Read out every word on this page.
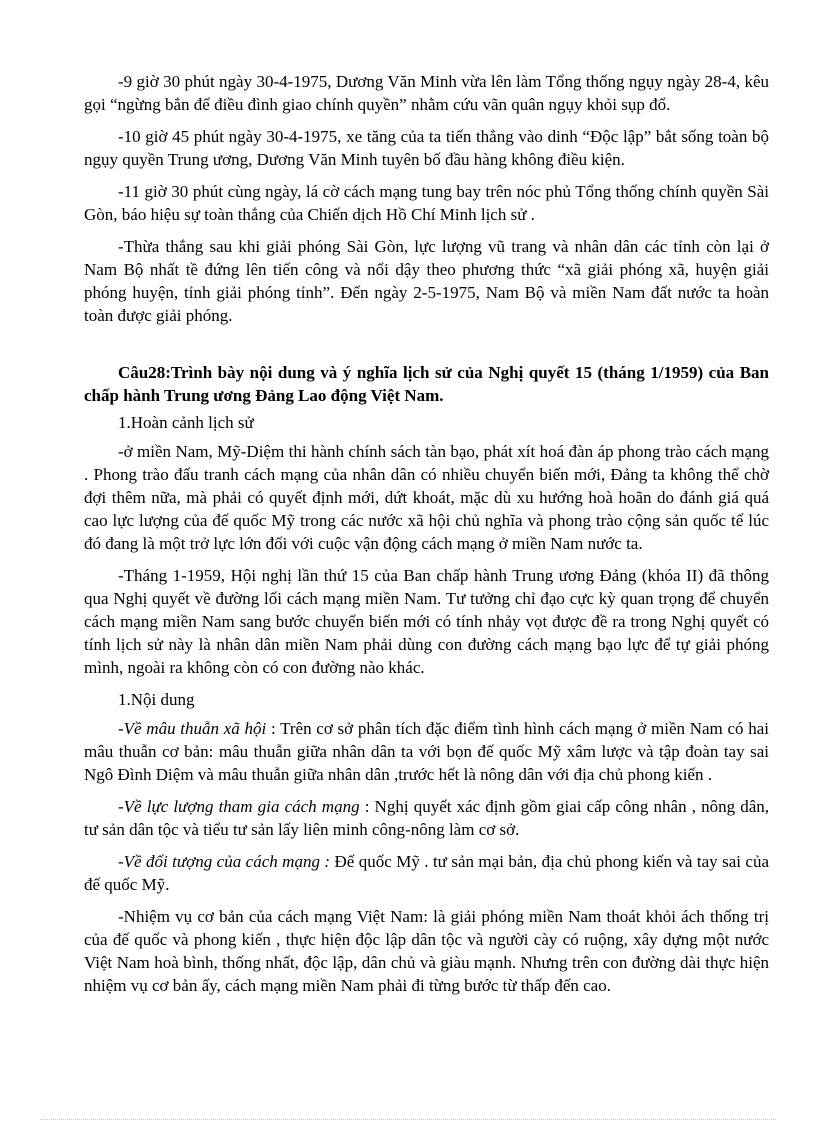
-9 giờ 30 phút ngày 30-4-1975, Dương Văn Minh vừa lên làm Tổng thống ngụy ngày 28-4, kêu gọi “ngừng bắn để điều đình giao chính quyền” nhằm cứu vãn quân ngụy khỏi sụp đổ.

-10 giờ 45 phút ngày 30-4-1975, xe tăng của ta tiến thẳng vào dinh “Độc lập” bắt sống toàn bộ ngụy quyền Trung ương, Dương Văn Minh tuyên bố đầu hàng không điều kiện.

-11 giờ 30 phút cùng ngày, lá cờ cách mạng tung bay trên nóc phủ Tổng thống chính quyền Sài Gòn, báo hiệu sự toàn thắng của Chiến dịch Hồ Chí Minh lịch sử .

-Thừa thắng sau khi giải phóng Sài Gòn, lực lượng vũ trang và nhân dân các tỉnh còn lại ở Nam Bộ nhất tề đứng lên tiến công và nổi dậy theo phương thức “xã giải phóng xã, huyện giải phóng huyện, tỉnh giải phóng tỉnh”. Đến ngày 2-5-1975, Nam Bộ và miền Nam đất nước ta hoàn toàn được giải phóng.

Câu28:Trình bày nội dung và ý nghĩa lịch sử của Nghị quyết 15 (tháng 1/1959) của Ban chấp hành Trung ương Đảng Lao động Việt Nam.

1.Hoàn cảnh lịch sử

-ở miền Nam, Mỹ-Diệm thi hành chính sách tàn bạo, phát xít hoá đàn áp phong trào cách mạng . Phong trào đấu tranh cách mạng của nhân dân có nhiều chuyển biến mới, Đảng ta không thể chờ đợi thêm nữa, mà phải có quyết định mới, dứt khoát, mặc dù xu hướng hoà hoãn do đánh giá quá cao lực lượng của đế quốc Mỹ trong các nước xã hội chủ nghĩa và phong trào cộng sản quốc tế lúc đó đang là một trở lực lớn đối với cuộc vận động cách mạng ở miền Nam nước ta.

-Tháng 1-1959, Hội nghị lần thứ 15 của Ban chấp hành Trung ương Đảng (khóa II) đã thông qua Nghị quyết về đường lối cách mạng miền Nam. Tư tưởng chỉ đạo cực kỳ quan trọng để chuyển cách mạng miền Nam sang bước chuyển biến mới có tính nhảy vọt được đề ra trong Nghị quyết có tính lịch sử này là nhân dân miền Nam phải dùng con đường cách mạng bạo lực để tự giải phóng mình, ngoài ra không còn có con đường nào khác.

1.Nội dung

-Về mâu thuẫn xã hội : Trên cơ sở phân tích đặc điểm tình hình cách mạng ở miền Nam có hai mâu thuẫn cơ bản: mâu thuẫn giữa nhân dân ta với bọn đế quốc Mỹ xâm lược và tập đoàn tay sai Ngô Đình Diệm và mâu thuẫn giữa nhân dân ,trước hết là nông dân với địa chủ phong kiến .

-Về lực lượng tham gia cách mạng : Nghị quyết xác định gồm giai cấp công nhân , nông dân, tư sản dân tộc và tiểu tư sản lấy liên minh công-nông làm cơ sở.

-Về đối tượng của cách mạng : Đế quốc Mỹ . tư sản mại bản, địa chủ phong kiến và tay sai của đế quốc Mỹ.

-Nhiệm vụ cơ bản của cách mạng Việt Nam: là giải phóng miền Nam thoát khỏi ách thống trị của đế quốc và phong kiến , thực hiện độc lập dân tộc và người cày có ruộng, xây dựng một nước Việt Nam hoà bình, thống nhất, độc lập, dân chủ và giàu mạnh. Nhưng trên con đường dài thực hiện nhiệm vụ cơ bản ấy, cách mạng miền Nam phải đi từng bước từ thấp đến cao.
